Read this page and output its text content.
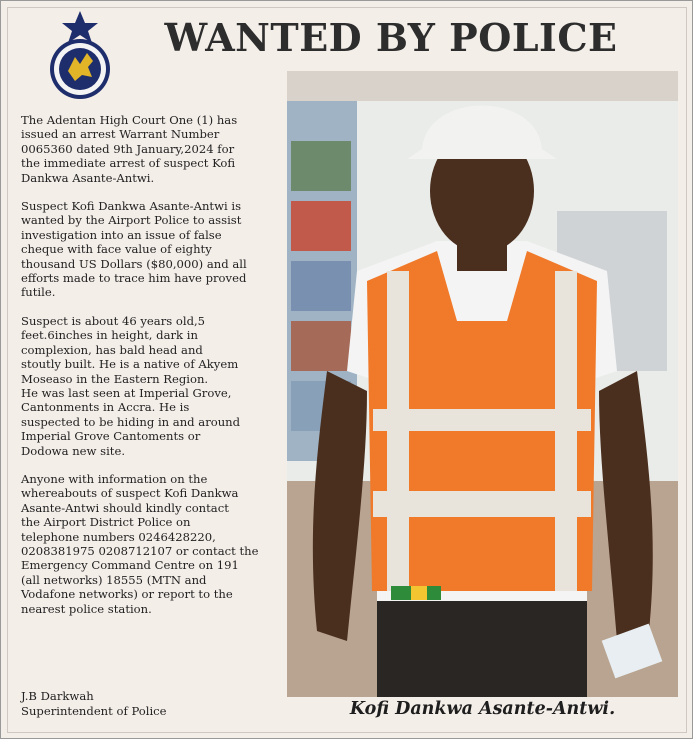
WANTED BY POLICE

The Adentan High Court One (1) has
issued an arrest Warrant Number
0065360 dated 9th January,2024 for
the immediate arrest of suspect Kofi
Dankwa Asante-Antwi.

Suspect Kofi Dankwa Asante-Antwi is
wanted by the Airport Police to assist
investigation into an issue of false
cheque with face value of eighty
thousand US Dollars ($80,000) and all
efforts made to trace him have proved
futile.

Suspect is about 46 years old,5
feet.6inches in height, dark in
complexion, has bald head and
stoutly built. He is a native of Akyem
Moseaso in the Eastern Region.
He was last seen at Imperial Grove,
Cantonments in Accra. He is
suspected to be hiding in and around
Imperial Grove Cantoments or
Dodowa new site.

Anyone with information on the
whereabouts of suspect Kofi Dankwa
Asante-Antwi should kindly contact
the Airport District Police on
telephone numbers 0246428220,
0208381975 0208712107 or contact the
Emergency Command Centre on 191
(all networks) 18555 (MTN and
Vodafone networks) or report to the
nearest police station.

J.B Darkwah
Superintendent of Police	Kofi Dankwa Asante-Antwi.
